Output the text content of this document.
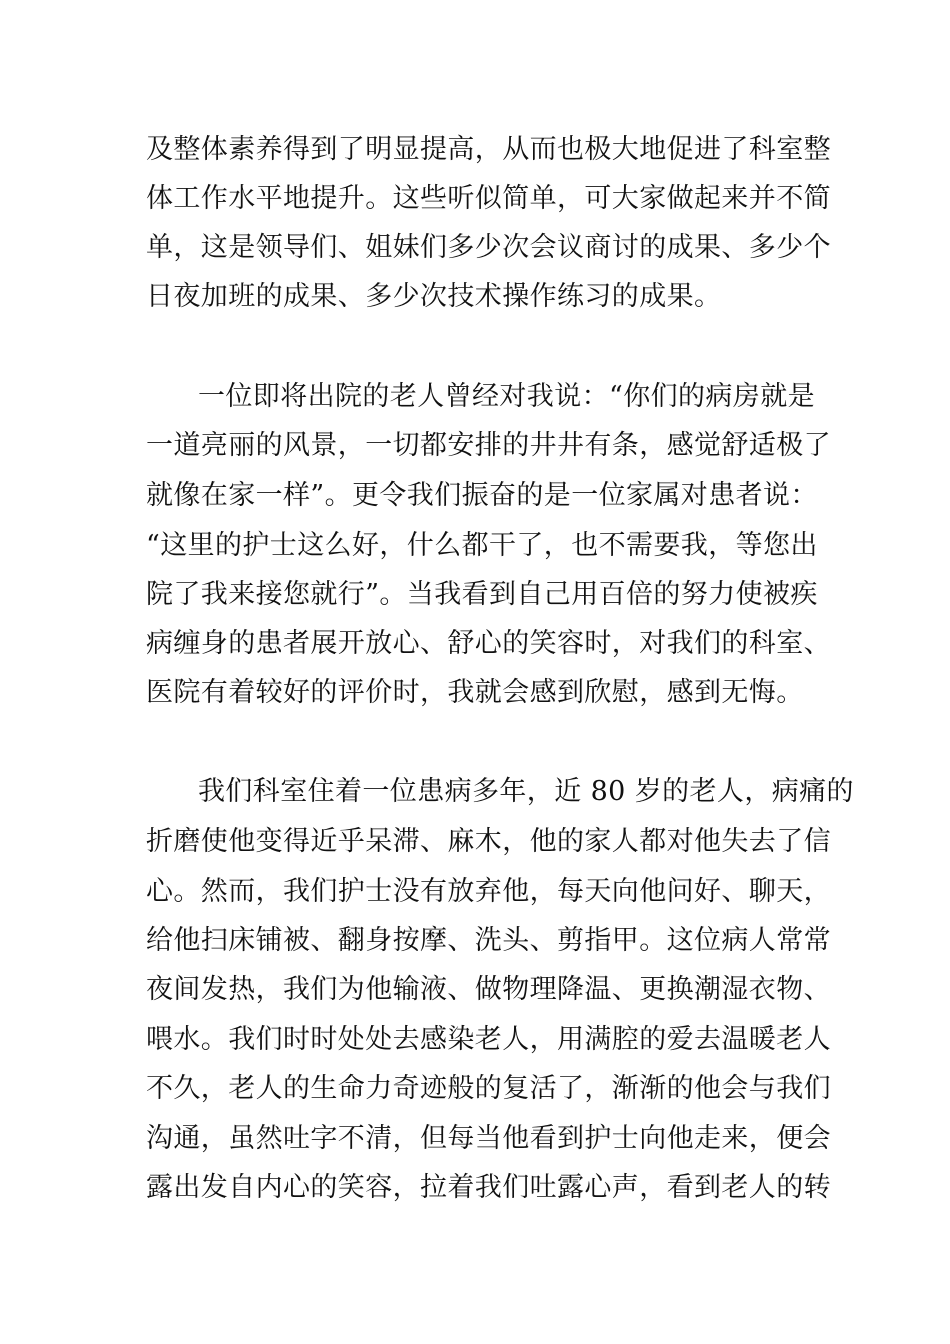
及整体素养得到了明显提高，从而也极大地促进了科室整
体工作水平地提升。这些听似简单，可大家做起来并不简
单，这是领导们、姐妹们多少次会议商讨的成果、多少个
日夜加班的成果、多少次技术操作练习的成果。
一位即将出院的老人曾经对我说：“你们的病房就是
一道亮丽的风景，一切都安排的井井有条，感觉舒适极了
就像在家一样”。更令我们振奋的是一位家属对患者说：
“这里的护士这么好，什么都干了，也不需要我，等您出
院了我来接您就行”。当我看到自己用百倍的努力使被疾
病缠身的患者展开放心、舒心的笑容时，对我们的科室、
医院有着较好的评价时，我就会感到欣慰，感到无悔。
我们科室住着一位患病多年，近 80 岁的老人，病痛的
折磨使他变得近乎呆滞、麻木，他的家人都对他失去了信
心。然而，我们护士没有放弃他，每天向他问好、聊天，
给他扫床铺被、翻身按摩、洗头、剪指甲。这位病人常常
夜间发热，我们为他输液、做物理降温、更换潮湿衣物、
喂水。我们时时处处去感染老人，用满腔的爱去温暖老人
不久，老人的生命力奇迹般的复活了，渐渐的他会与我们
沟通，虽然吐字不清，但每当他看到护士向他走来，便会
露出发自内心的笑容，拉着我们吐露心声，看到老人的转
